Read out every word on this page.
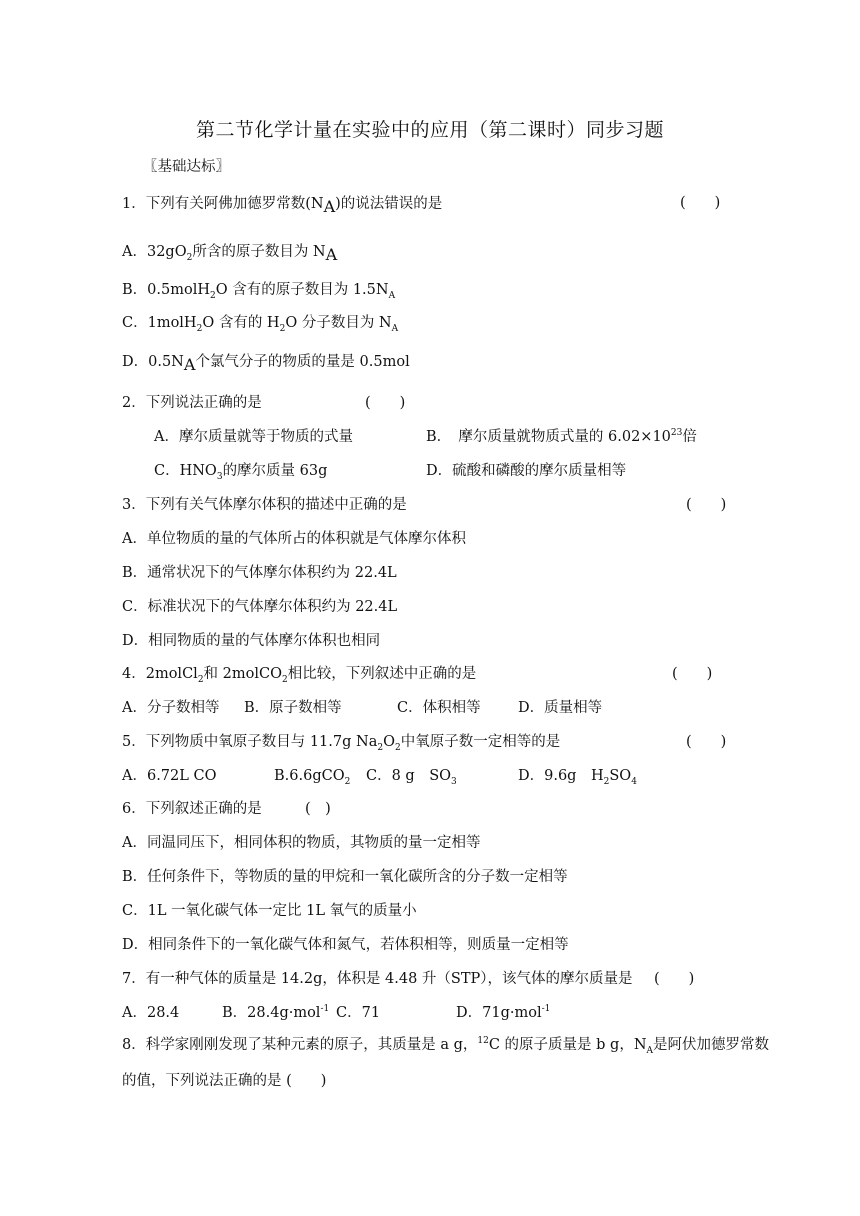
第二节化学计量在实验中的应用（第二课时）同步习题
〖基础达标〗
1．下列有关阿佛加德罗常数(NA)的说法错误的是	(　　)
A．$32gO_2$所含的原子数目为 NA
B．0.5molH$_2$O 含有的原子数目为 $1.5N_A$
C．1molH$_2$O 含有的 $H_2O$ 分子数目为 $N_A$
D．0.5NA个氯气分子的物质的量是 0.5mol
2．下列说法正确的是	(　　)
A．摩尔质量就等于物质的式量	B．　摩尔质量就物质式量的 $6.02\times 10^{23}$倍
C．$HNO_3$的摩尔质量 63g	D．硫酸和磷酸的摩尔质量相等
3．下列有关气体摩尔体积的描述中正确的是	(　　)
A．单位物质的量的气体所占的体积就是气体摩尔体积
B．通常状况下的气体摩尔体积约为 22.4L
C．标准状况下的气体摩尔体积约为 22.4L
D．相同物质的量的气体摩尔体积也相同
4．2molCl$_2$和 2molCO$_2$相比较，下列叙述中正确的是	(　　)
A．分子数相等 B．原子数相等	C．体积相等	D．质量相等
5．下列物质中氧原子数目与 11.7g $Na_2O_2$中氧原子数一定相等的是	(　　)
A．6.72L CO	B.6.6gCO$_2$ C．8 g　$SO_3$	D．9.6g　$H_2SO_4$
6．下列叙述正确的是	(　)
A．同温同压下，相同体积的物质，其物质的量一定相等
B．任何条件下，等物质的量的甲烷和一氧化碳所含的分子数一定相等
C．1L 一氧化碳气体一定比 1L 氧气的质量小
D．相同条件下的一氧化碳气体和氮气，若体积相等，则质量一定相等
7．有一种气体的质量是 14.2g，体积是 4.48 升（STP），该气体的摩尔质量是 (　　)
A．28.4	B．28.4g·mol$^{-1}$ C．71	D．71g·mol$^{-1}$
8．科学家刚刚发现了某种元素的原子，其质量是 a g，$^{12}$C 的原子质量是 b g，$N_A$是阿伏加德罗常数
的值，下列说法正确的是 (　　)
